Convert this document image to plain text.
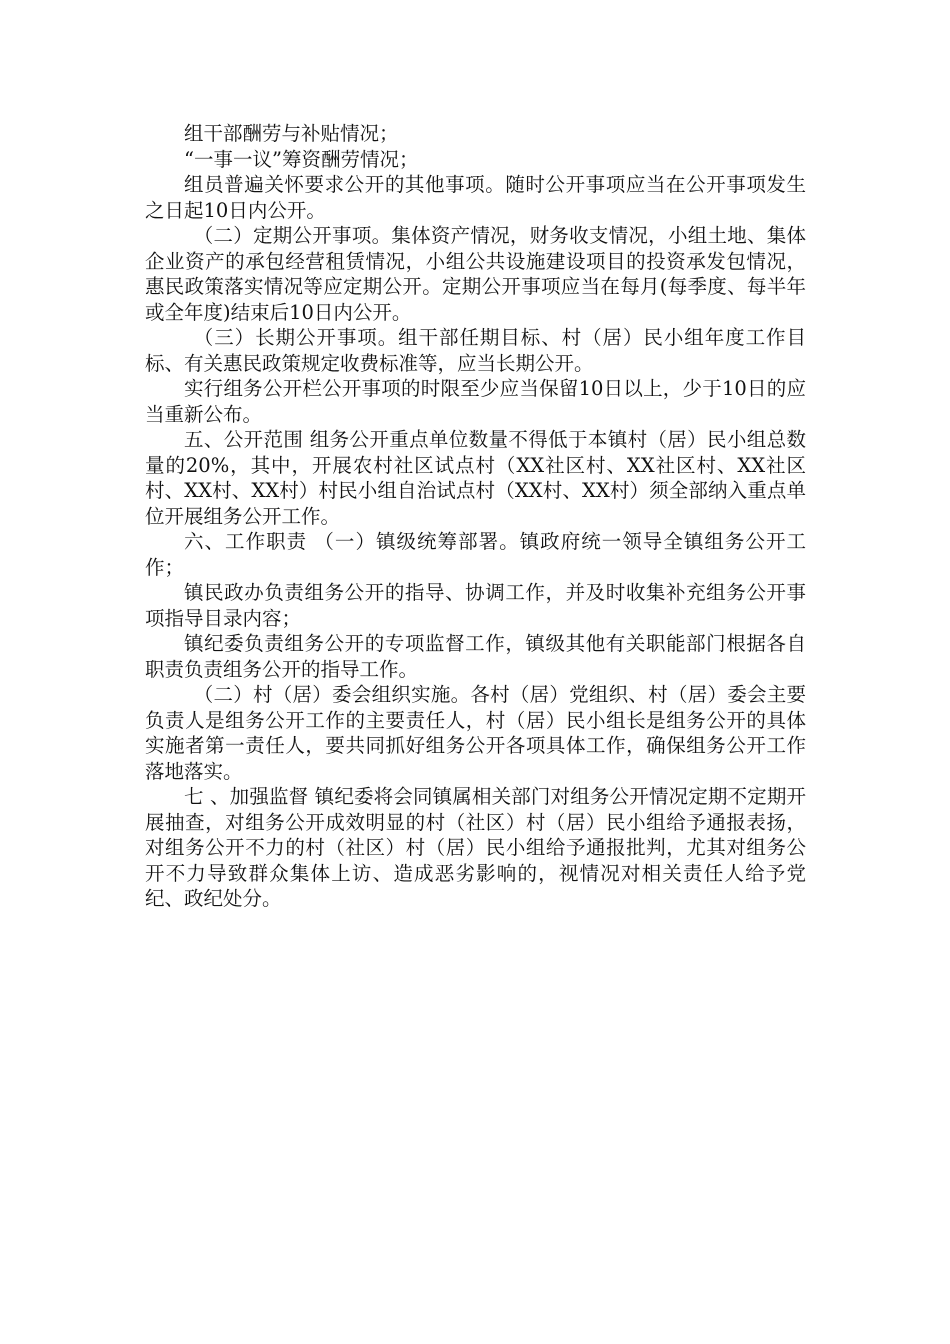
组干部酬劳与补贴情况；

“一事一议”筹资酬劳情况；

组员普遍关怀要求公开的其他事项。随时公开事项应当在公开事项发生之日起10日内公开。

（二）定期公开事项。集体资产情况，财务收支情况，小组土地、集体企业资产的承包经营租赁情况，小组公共设施建设项目的投资承发包情况，惠民政策落实情况等应定期公开。定期公开事项应当在每月(每季度、每半年或全年度)结束后10日内公开。

（三）长期公开事项。组干部任期目标、村（居）民小组年度工作目标、有关惠民政策规定收费标准等，应当长期公开。

实行组务公开栏公开事项的时限至少应当保留10日以上，少于10日的应当重新公布。

五、公开范围 组务公开重点单位数量不得低于本镇村（居）民小组总数量的20%，其中，开展农村社区试点村（XX社区村、XX社区村、XX社区村、XX村、XX村）村民小组自治试点村（XX村、XX村）须全部纳入重点单位开展组务公开工作。

六、工作职责 （一）镇级统筹部署。镇政府统一领导全镇组务公开工作；

镇民政办负责组务公开的指导、协调工作，并及时收集补充组务公开事项指导目录内容；

镇纪委负责组务公开的专项监督工作，镇级其他有关职能部门根据各自职责负责组务公开的指导工作。

（二）村（居）委会组织实施。各村（居）党组织、村（居）委会主要负责人是组务公开工作的主要责任人，村（居）民小组长是组务公开的具体实施者第一责任人，要共同抓好组务公开各项具体工作，确保组务公开工作落地落实。

七 、加强监督 镇纪委将会同镇属相关部门对组务公开情况定期不定期开展抽查，对组务公开成效明显的村（社区）村（居）民小组给予通报表扬，对组务公开不力的村（社区）村（居）民小组给予通报批判，尤其对组务公开不力导致群众集体上访、造成恶劣影响的，视情况对相关责任人给予党纪、政纪处分。
